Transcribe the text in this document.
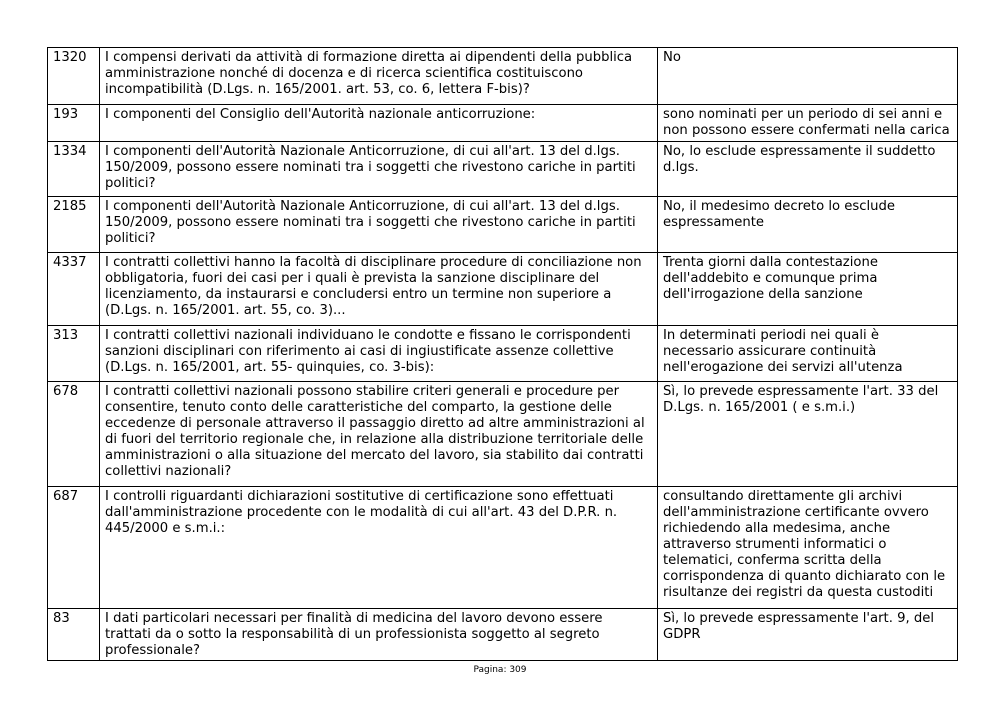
1320	I compensi derivati da attività di formazione diretta ai dipendenti della pubblica amministrazione nonché di docenza e di ricerca scientifica costituiscono incompatibilità (D.Lgs. n. 165/2001. art. 53, co. 6, lettera F-bis)?	No
193	I componenti del Consiglio dell'Autorità nazionale anticorruzione:	sono nominati per un periodo di sei anni e non possono essere confermati nella carica
1334	I componenti dell'Autorità Nazionale Anticorruzione, di cui all'art. 13 del d.lgs. 150/2009, possono essere nominati tra i soggetti che rivestono cariche in partiti politici?	No, lo esclude espressamente il suddetto d.lgs.
2185	I componenti dell'Autorità Nazionale Anticorruzione, di cui all'art. 13 del d.lgs. 150/2009, possono essere nominati tra i soggetti che rivestono cariche in partiti politici?	No, il medesimo decreto lo esclude espressamente
4337	I contratti collettivi hanno la facoltà di disciplinare procedure di conciliazione non obbligatoria, fuori dei casi per i quali è prevista la sanzione disciplinare del licenziamento, da instaurarsi e concludersi entro un termine non superiore a (D.Lgs. n. 165/2001. art. 55, co. 3)...	Trenta giorni dalla contestazione dell'addebito e comunque prima dell'irrogazione della sanzione
313	I contratti collettivi nazionali individuano le condotte e fissano le corrispondenti sanzioni disciplinari con riferimento ai casi di ingiustificate assenze collettive (D.Lgs. n. 165/2001, art. 55- quinquies, co. 3-bis):	In determinati periodi nei quali è necessario assicurare continuità nell'erogazione dei servizi all'utenza
678	I contratti collettivi nazionali possono stabilire criteri generali e procedure per consentire, tenuto conto delle caratteristiche del comparto, la gestione delle eccedenze di personale attraverso il passaggio diretto ad altre amministrazioni al di fuori del territorio regionale che, in relazione alla distribuzione territoriale delle amministrazioni o alla situazione del mercato del lavoro, sia stabilito dai contratti collettivi nazionali?	Sì, lo prevede espressamente l'art. 33 del D.Lgs. n. 165/2001 ( e s.m.i.)
687	I controlli riguardanti dichiarazioni sostitutive di certificazione sono effettuati dall'amministrazione procedente con le modalità di cui all'art. 43 del D.P.R. n. 445/2000 e s.m.i.:	consultando direttamente gli archivi dell'amministrazione certificante ovvero richiedendo alla medesima, anche attraverso strumenti informatici o telematici, conferma scritta della corrispondenza di quanto dichiarato con le risultanze dei registri da questa custoditi
83	I dati particolari necessari per finalità di medicina del lavoro devono essere trattati da o sotto la responsabilità di un professionista soggetto al segreto professionale?	Sì, lo prevede espressamente l'art. 9, del GDPR
Pagina: 309
